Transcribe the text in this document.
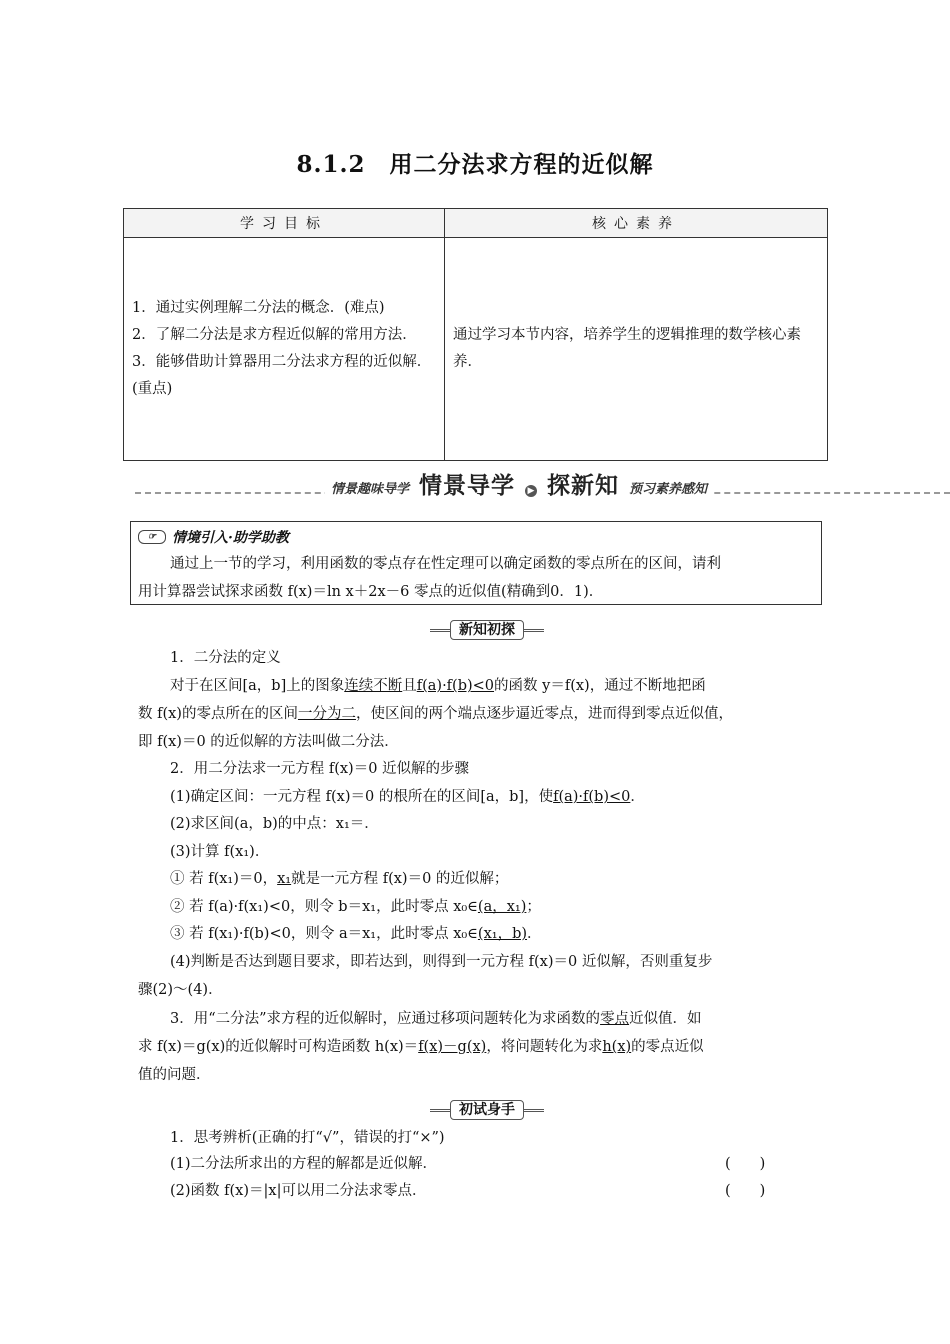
8.1.2　用二分法求方程的近似解
学习目标	核心素养

1．通过实例理解二分法的概念．(难点)
2．了解二分法是求方程近似解的常用方法．
3．能够借助计算器用二分法求方程的近似解．(重点)	通过学习本节内容，培养学生的逻辑推理的数学核心素养．
情景趣味导学 情景导学 ▶ 探新知 预习素养感知
☞	情境引入·助学助教
通过上一节的学习，利用函数的零点存在性定理可以确定函数的零点所在的区间，请利
用计算器尝试探求函数 f(x)＝ln x＋2x－6 零点的近似值(精确到0．1)．
新知初探
1．二分法的定义
对于在区间[a，b]上的图象连续不断且f(a)·f(b)<0的函数 y＝f(x)，通过不断地把函
数 f(x)的零点所在的区间一分为二，使区间的两个端点逐步逼近零点，进而得到零点近似值，
即 f(x)＝0 的近似解的方法叫做二分法．
2．用二分法求一元方程 f(x)＝0 近似解的步骤
(1)确定区间：一元方程 f(x)＝0 的根所在的区间[a，b]，使f(a)·f(b)<0．
(2)求区间(a，b)的中点：x₁＝．
(3)计算 f(x₁)．
① 若 f(x₁)＝0，x₁就是一元方程 f(x)＝0 的近似解；
② 若 f(a)·f(x₁)<0，则令 b＝x₁，此时零点 x₀∈(a，x₁)；
③ 若 f(x₁)·f(b)<0，则令 a＝x₁，此时零点 x₀∈(x₁，b)．
(4)判断是否达到题目要求，即若达到，则得到一元方程 f(x)＝0 近似解，否则重复步
骤(2)～(4)．
3．用“二分法”求方程的近似解时，应通过移项问题转化为求函数的零点近似值．如
求 f(x)＝g(x)的近似解时可构造函数 h(x)＝f(x)－g(x)，将问题转化为求h(x)的零点近似
值的问题．
初试身手
1．思考辨析(正确的打“√”，错误的打“×”)
(1)二分法所求出的方程的解都是近似解．	(　　)
(2)函数 f(x)＝|x|可以用二分法求零点．	(　　)
